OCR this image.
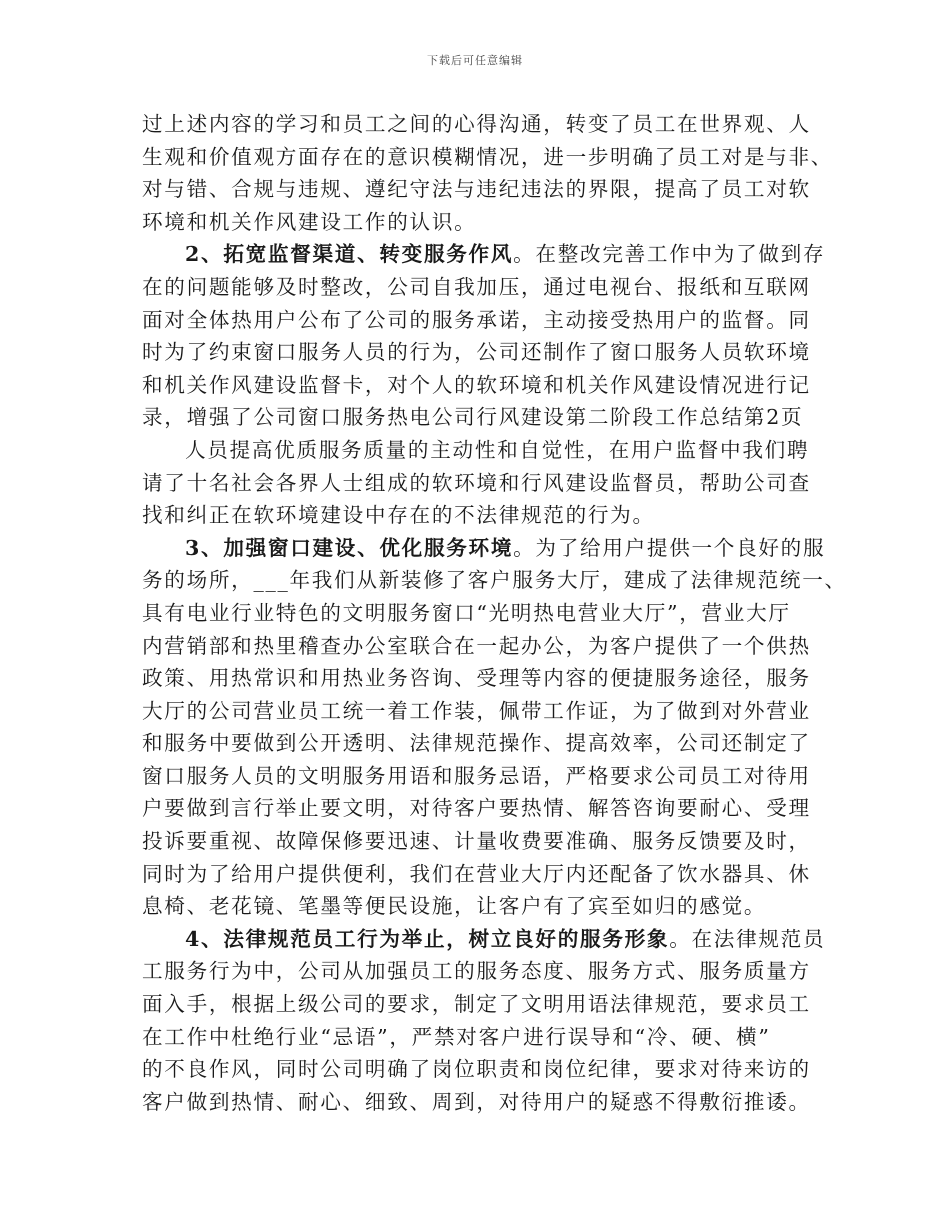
下载后可任意编辑
过上述内容的学习和员工之间的心得沟通，转变了员工在世界观、人
生观和价值观方面存在的意识模糊情况，进一步明确了员工对是与非、
对与错、合规与违规、遵纪守法与违纪违法的界限，提高了员工对软
环境和机关作风建设工作的认识。
2、拓宽监督渠道、转变服务作风。在整改完善工作中为了做到存
在的问题能够及时整改，公司自我加压，通过电视台、报纸和互联网
面对全体热用户公布了公司的服务承诺，主动接受热用户的监督。同
时为了约束窗口服务人员的行为，公司还制作了窗口服务人员软环境
和机关作风建设监督卡，对个人的软环境和机关作风建设情况进行记
录，增强了公司窗口服务热电公司行风建设第二阶段工作总结第2页
人员提高优质服务质量的主动性和自觉性，在用户监督中我们聘
请了十名社会各界人士组成的软环境和行风建设监督员，帮助公司查
找和纠正在软环境建设中存在的不法律规范的行为。
3、加强窗口建设、优化服务环境。为了给用户提供一个良好的服
务的场所，___年我们从新装修了客户服务大厅，建成了法律规范统一、
具有电业行业特色的文明服务窗口“光明热电营业大厅”，营业大厅
内营销部和热里稽查办公室联合在一起办公，为客户提供了一个供热
政策、用热常识和用热业务咨询、受理等内容的便捷服务途径，服务
大厅的公司营业员工统一着工作装，佩带工作证，为了做到对外营业
和服务中要做到公开透明、法律规范操作、提高效率，公司还制定了
窗口服务人员的文明服务用语和服务忌语，严格要求公司员工对待用
户要做到言行举止要文明，对待客户要热情、解答咨询要耐心、受理
投诉要重视、故障保修要迅速、计量收费要准确、服务反馈要及时，
同时为了给用户提供便利，我们在营业大厅内还配备了饮水器具、休
息椅、老花镜、笔墨等便民设施，让客户有了宾至如归的感觉。
4、法律规范员工行为举止，树立良好的服务形象。在法律规范员
工服务行为中，公司从加强员工的服务态度、服务方式、服务质量方
面入手，根据上级公司的要求，制定了文明用语法律规范，要求员工
在工作中杜绝行业“忌语”，严禁对客户进行误导和“冷、硬、横”
的不良作风，同时公司明确了岗位职责和岗位纪律，要求对待来访的
客户做到热情、耐心、细致、周到，对待用户的疑惑不得敷衍推诿。
